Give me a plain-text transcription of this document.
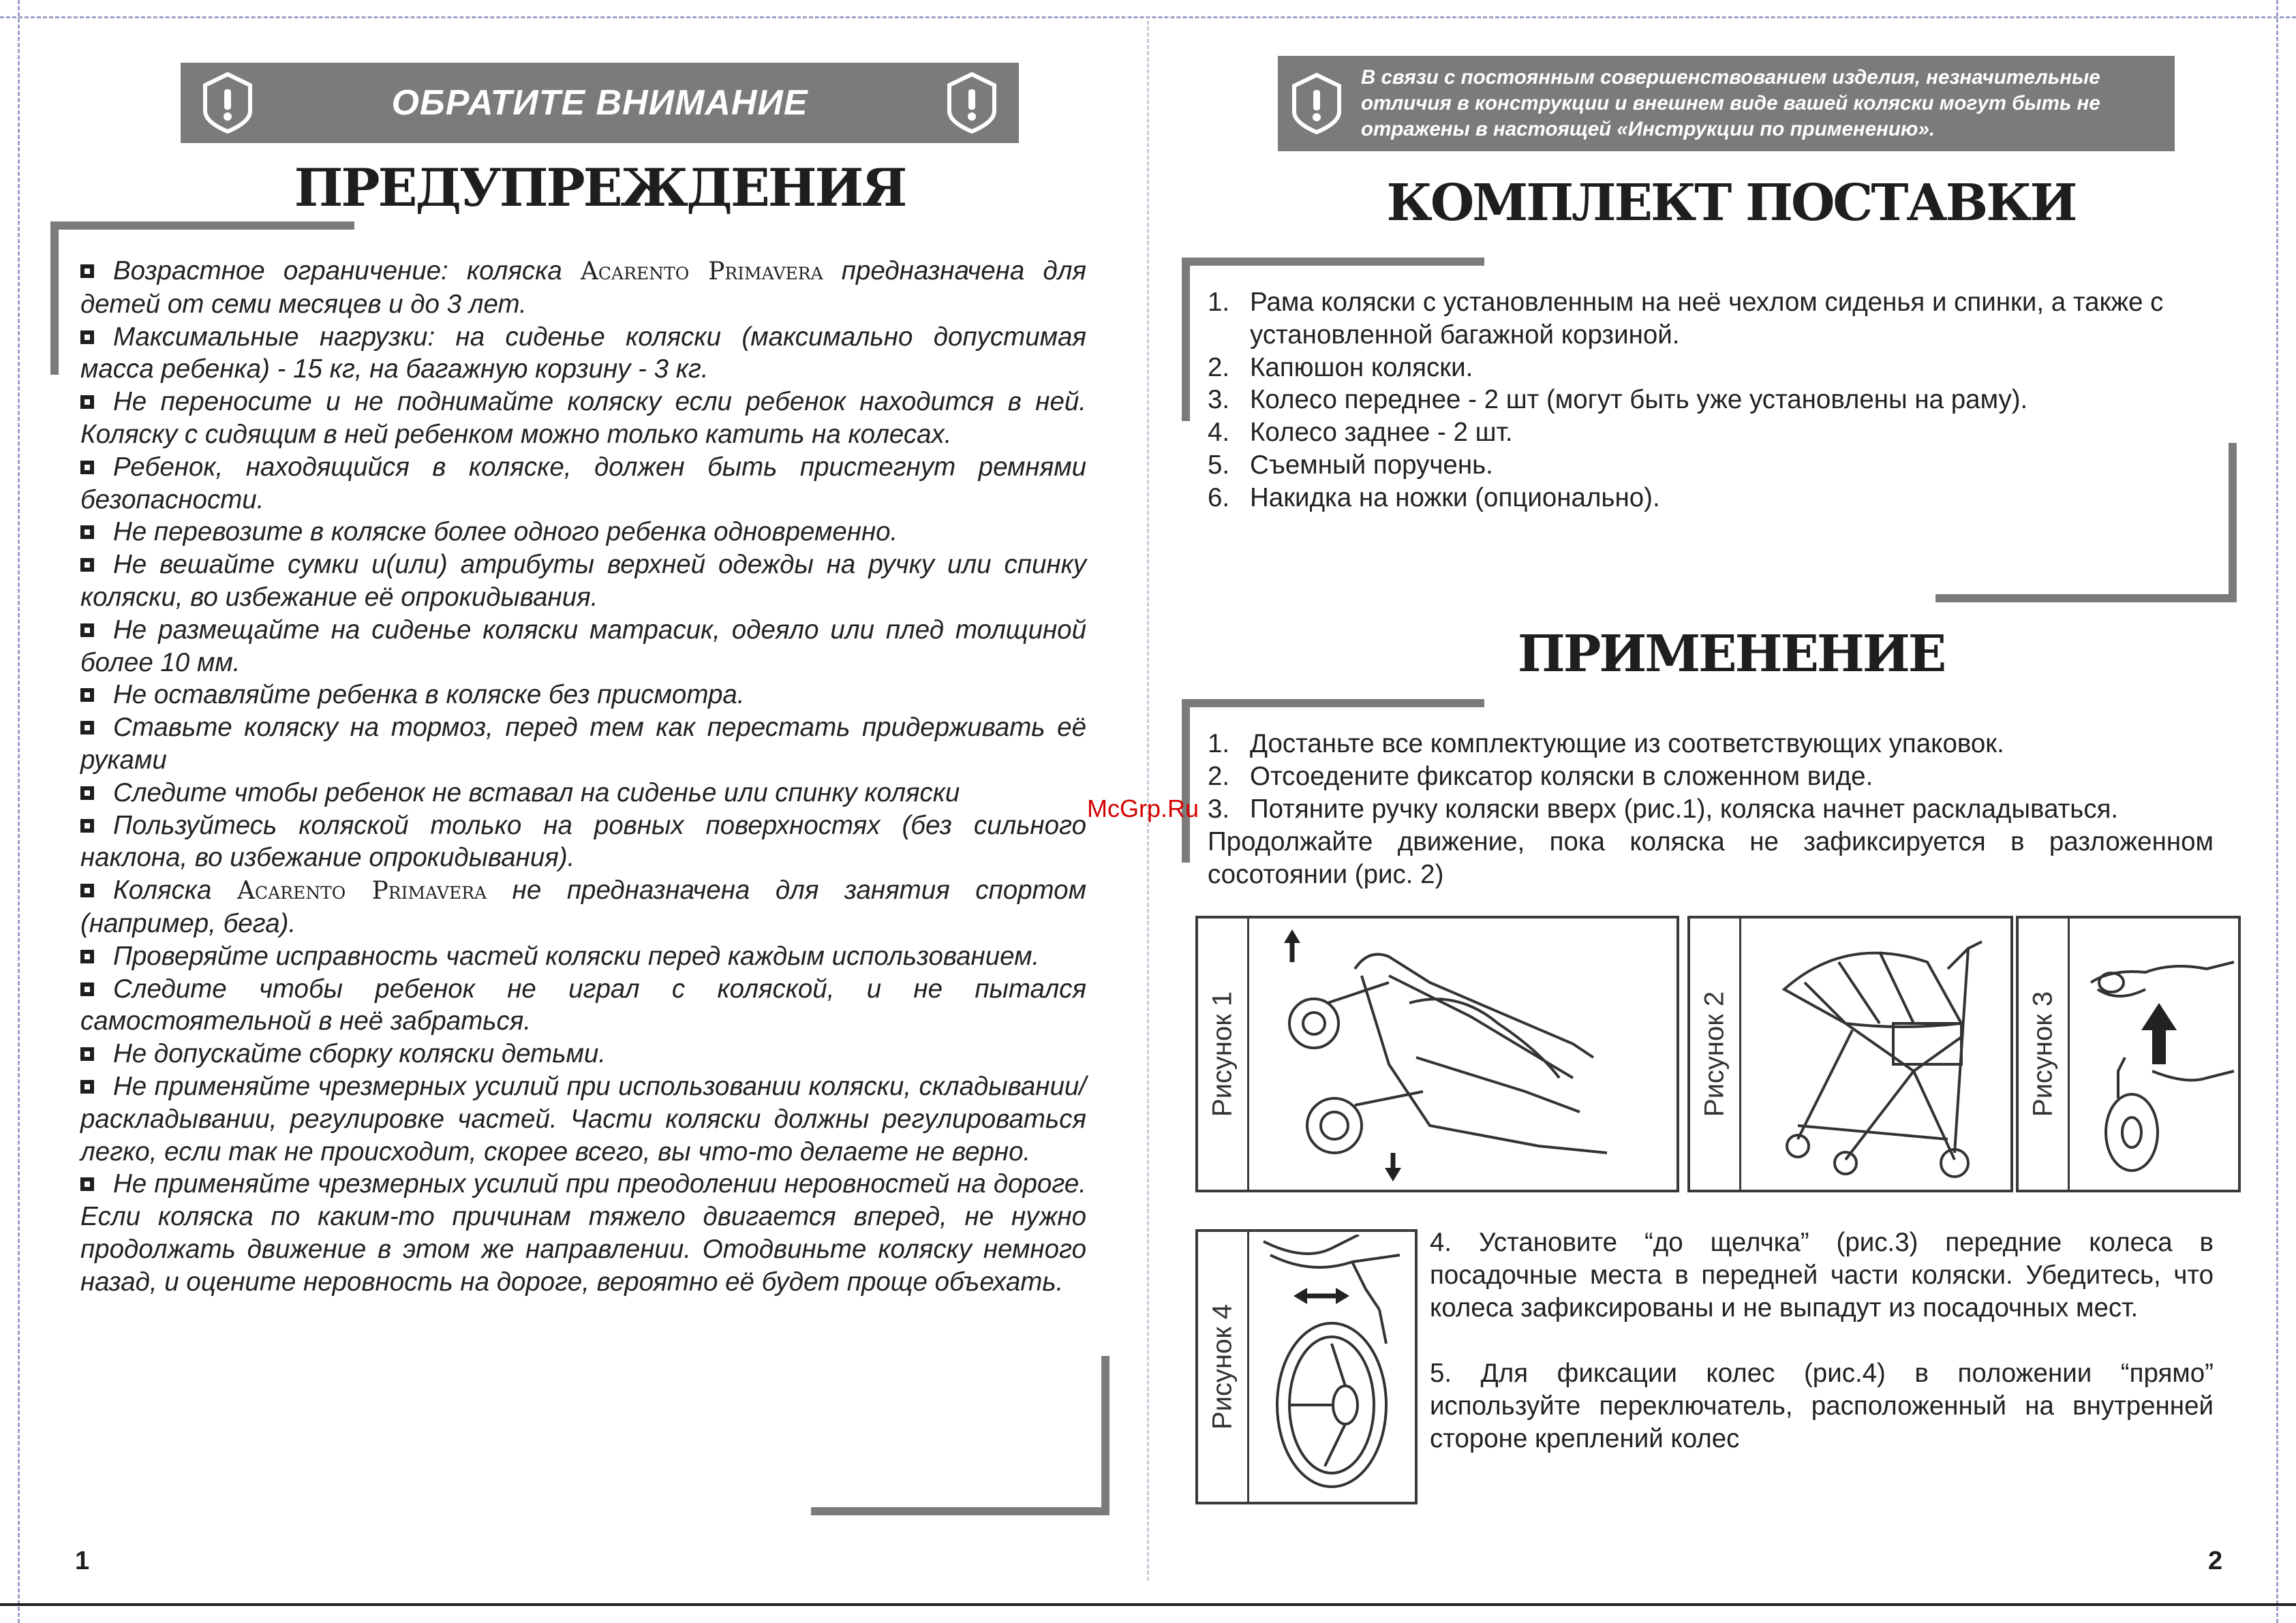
ОБРАТИТЕ ВНИМАНИЕ
ПРЕДУПРЕЖДЕНИЯ
Возрастное ограничение: коляска Acarento Primavera предназначена для детей от семи месяцев и до 3 лет.
Максимальные нагрузки: на сиденье коляски (максимально допустимая масса ребенка) - 15 кг, на багажную корзину - 3 кг.
Не переносите и не поднимайте коляску если ребенок находится в ней. Коляску с сидящим в ней ребенком можно только катить на колесах.
Ребенок, находящийся в коляске, должен быть пристегнут ремнями безопасности.
Не перевозите в коляске более одного ребенка одновременно.
Не вешайте сумки и(или) атрибуты верхней одежды на ручку или спинку коляски, во избежание её опрокидывания.
Не размещайте на сиденье коляски матрасик, одеяло или плед толщиной более 10 мм.
Не оставляйте ребенка в коляске без присмотра.
Ставьте коляску на тормоз, перед тем как перестать придерживать её руками
Следите чтобы ребенок не вставал на сиденье или спинку коляски
Пользуйтесь коляской только на ровных поверхностях (без сильного наклона, во избежание опрокидывания).
Коляска Acarento Primavera не предназначена для занятия спортом (например, бега).
Проверяйте исправность частей коляски перед каждым использованием.
Следите чтобы ребенок не играл с коляской, и не пытался самостоятельной в неё забраться.
Не допускайте сборку коляски детьми.
Не применяйте чрезмерных усилий при использовании коляски, складывании/раскладывании, регулировке частей. Части коляски должны регулироваться легко, если так не происходит, скорее всего, вы что-то делаете не верно.
Не применяйте чрезмерных усилий при преодолении неровностей на дороге. Если коляска по каким-то причинам тяжело двигается вперед, не нужно продолжать движение в этом же направлении. Отодвиньте коляску немного назад, и оцените неровность на дороге, вероятно её будет проще объехать.
1
В связи с постоянным совершенствованием изделия, незначительные отличия в конструкции и внешнем виде вашей коляски могут быть не отражены в настоящей «Инструкции по применению».
КОМПЛЕКТ ПОСТАВКИ
1. Рама коляски с установленным на неё чехлом сиденья и спинки, а также с установленной багажной корзиной.
2. Капюшон коляски.
3. Колесо переднее - 2 шт (могут быть уже установлены на раму).
4. Колесо заднее - 2 шт.
5. Съемный поручень.
6. Накидка на ножки (опционально).
ПРИМЕНЕНИЕ
1. Достаньте все комплектующие из соответствующих упаковок.
2. Отсоедените фиксатор коляски в сложенном виде.
3. Потяните ручку коляски вверх (рис.1), коляска начнет раскладываться.
Продолжайте движение, пока коляска не зафиксируется в разложенном сосотоянии (рис. 2)
McGrp.Ru
Рисунок 1	Рисунок 2	Рисунок 3
Рисунок 4
4. Установите “до щелчка” (рис.3) передние колеса в посадочные места в передней части коляски. Убедитесь, что колеса зафиксированы и не выпадут из посадочных мест.
5. Для фиксации колес (рис.4) в положении “прямо” используйте переключатель, расположенный на внутренней стороне креплений колес
2
